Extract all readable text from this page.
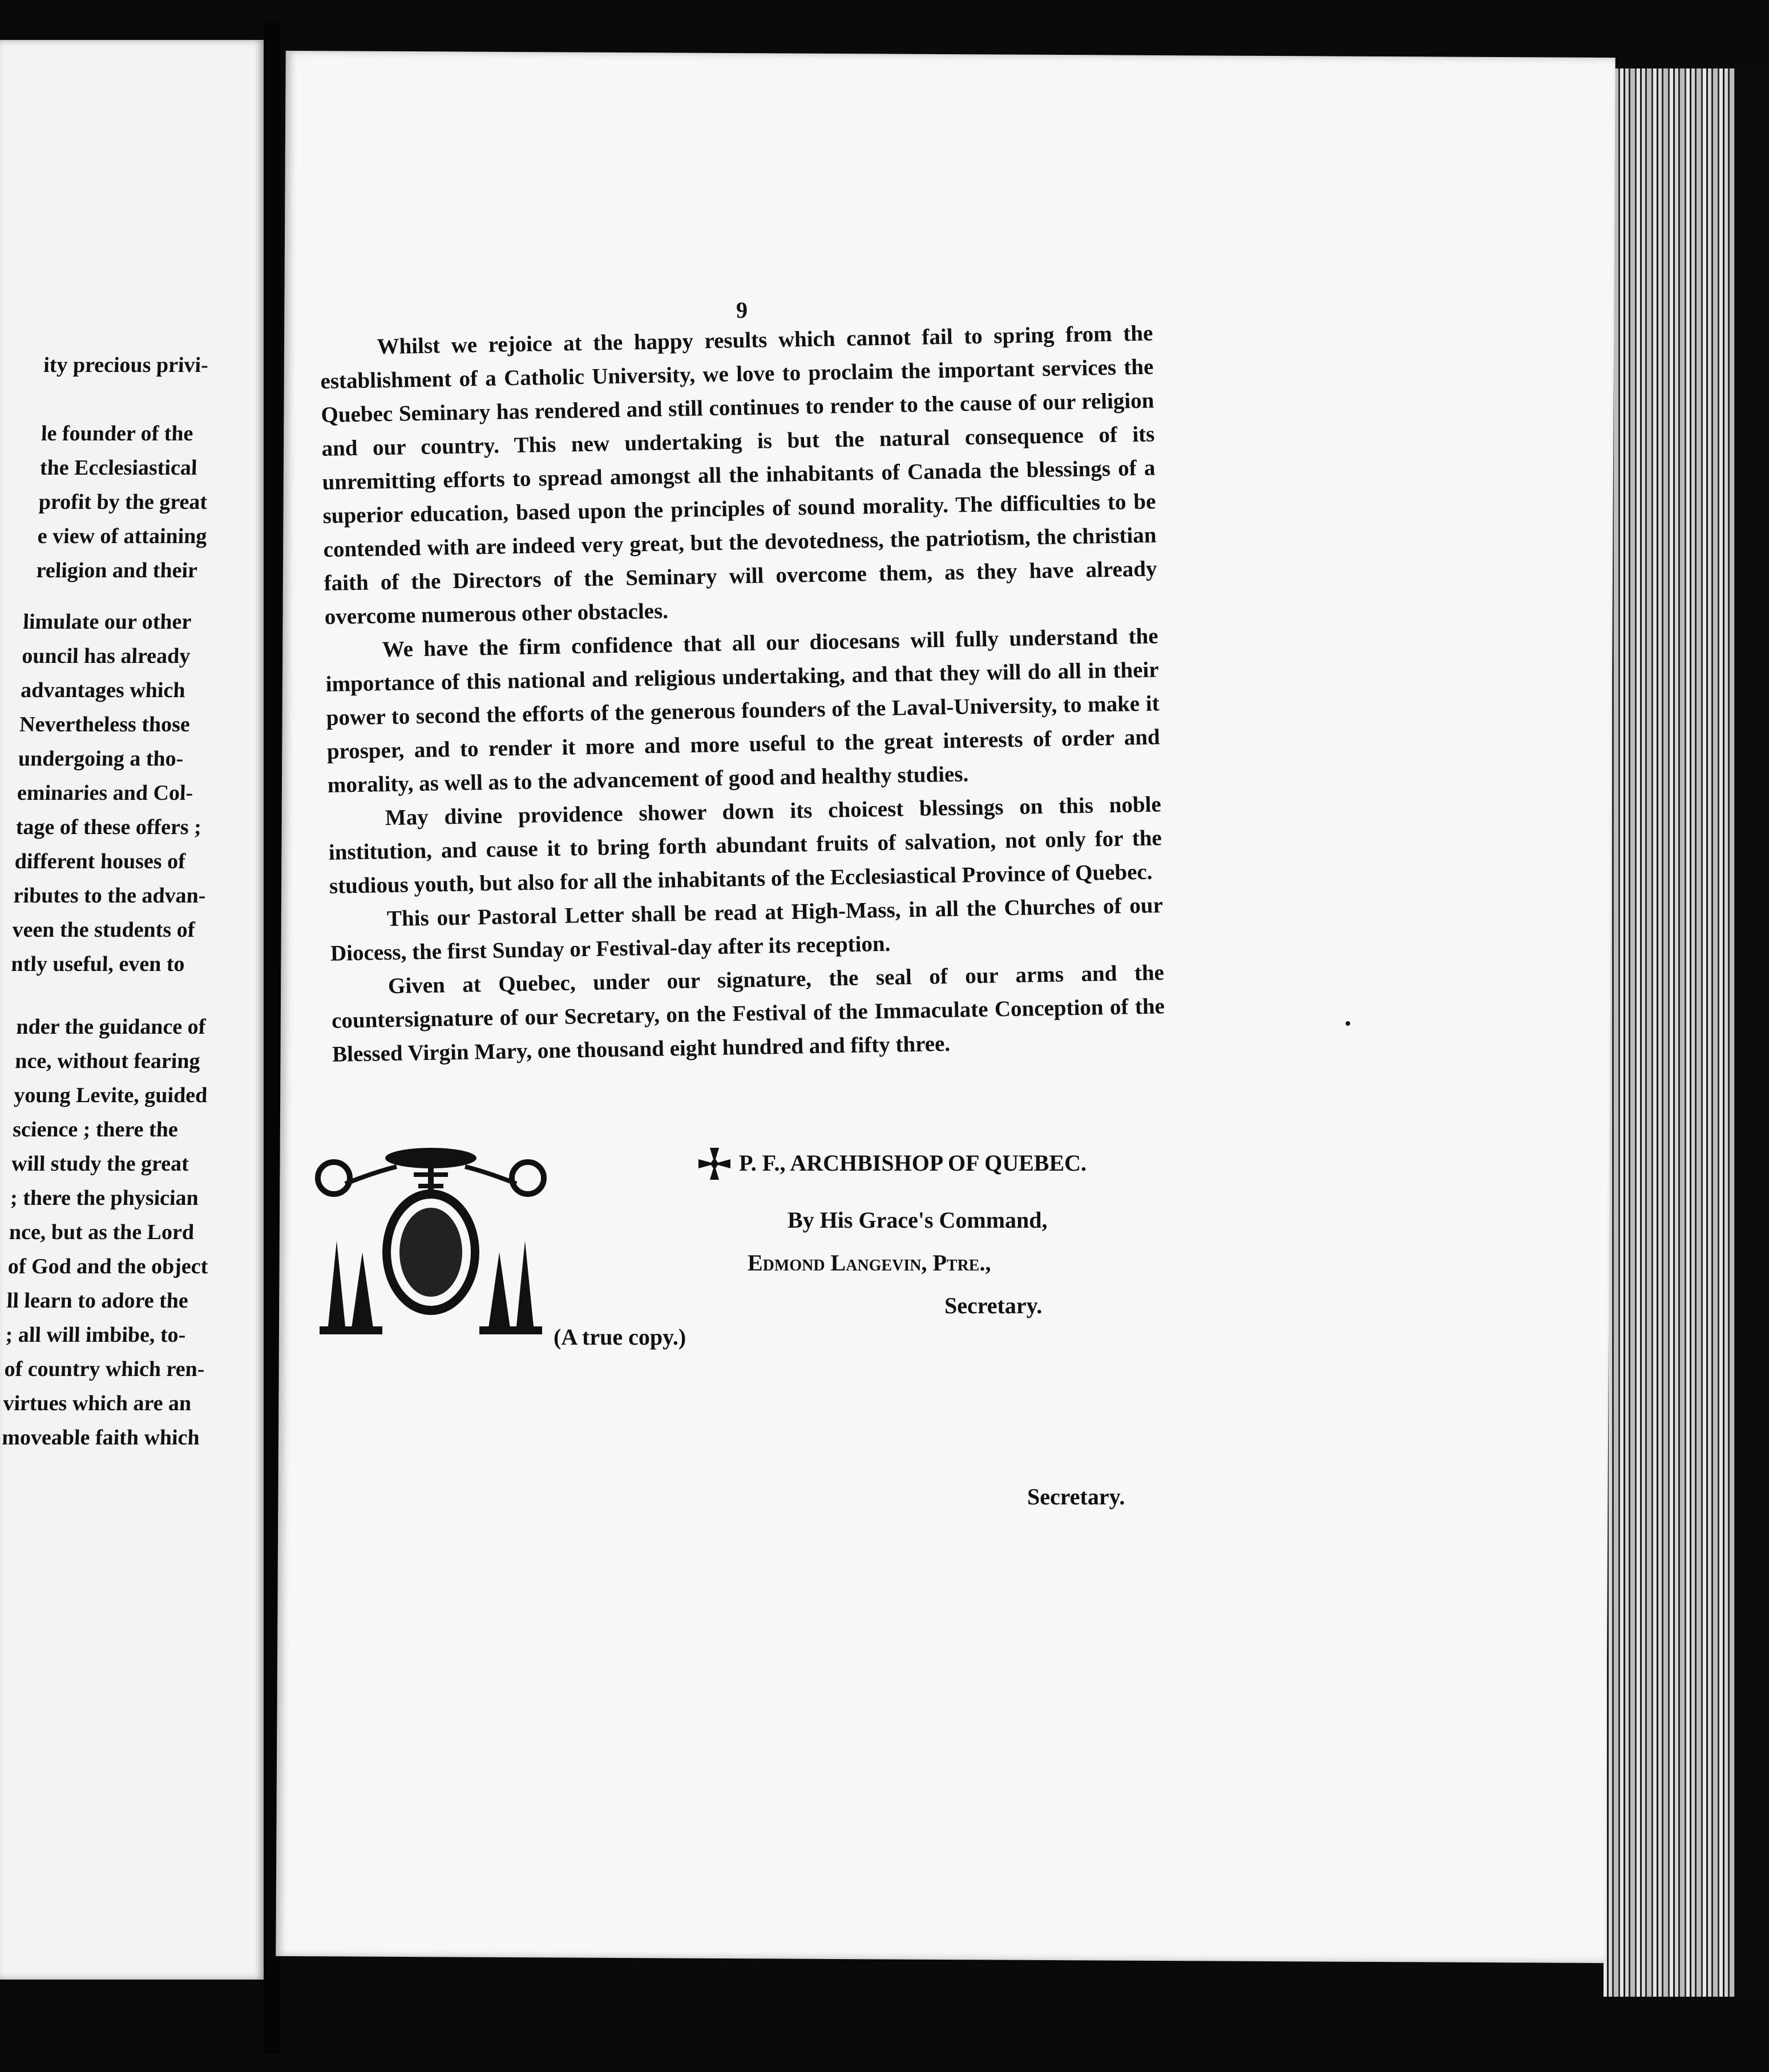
ity precious privi-

le founder of the
the Ecclesiastical
profit by the great
e view of attaining
religion and their
limulate our other
ouncil has already
advantages which
Nevertheless those
undergoing a tho-
eminaries and Col-
tage of these offers ;
different houses of
ributes to the advan-
veen the students of
ntly useful, even to
nder the guidance of
nce, without fearing
young Levite, guided
science ; there the
will study the great
; there the physician
nce, but as the Lord
of God and the object
ll learn to adore the
; all will imbibe, to-
of country which ren-
virtues which are an
moveable faith which
9

Whilst we rejoice at the happy results which cannot fail to spring from the establishment of a Catholic University, we love to proclaim the important services the Quebec Seminary has rendered and still continues to render to the cause of our religion and our country. This new undertaking is but the natural consequence of its unremitting efforts to spread amongst all the inhabitants of Canada the blessings of a superior education, based upon the principles of sound morality. The difficulties to be contended with are indeed very great, but the devotedness, the patriotism, the christian faith of the Directors of the Seminary will overcome them, as they have already overcome numerous other obstacles.

We have the firm confidence that all our diocesans will fully understand the importance of this national and religious undertaking, and that they will do all in their power to second the efforts of the generous founders of the Laval-University, to make it prosper, and to render it more and more useful to the great interests of order and morality, as well as to the advancement of good and healthy studies.

May divine providence shower down its choicest blessings on this noble institution, and cause it to bring forth abundant fruits of salvation, not only for the studious youth, but also for all the inhabitants of the Ecclesiastical Province of Quebec.

This our Pastoral Letter shall be read at High-Mass, in all the Churches of our Diocess, the first Sunday or Festival-day after its reception.

Given at Quebec, under our signature, the seal of our arms and the countersignature of our Secretary, on the Festival of the Immaculate Conception of the Blessed Virgin Mary, one thousand eight hundred and fifty three.

P. F., ARCHBISHOP OF QUEBEC.
By His Grace's Command,
Edmond Langevin, Ptre.,
Secretary.
(A true copy.)
Secretary.
